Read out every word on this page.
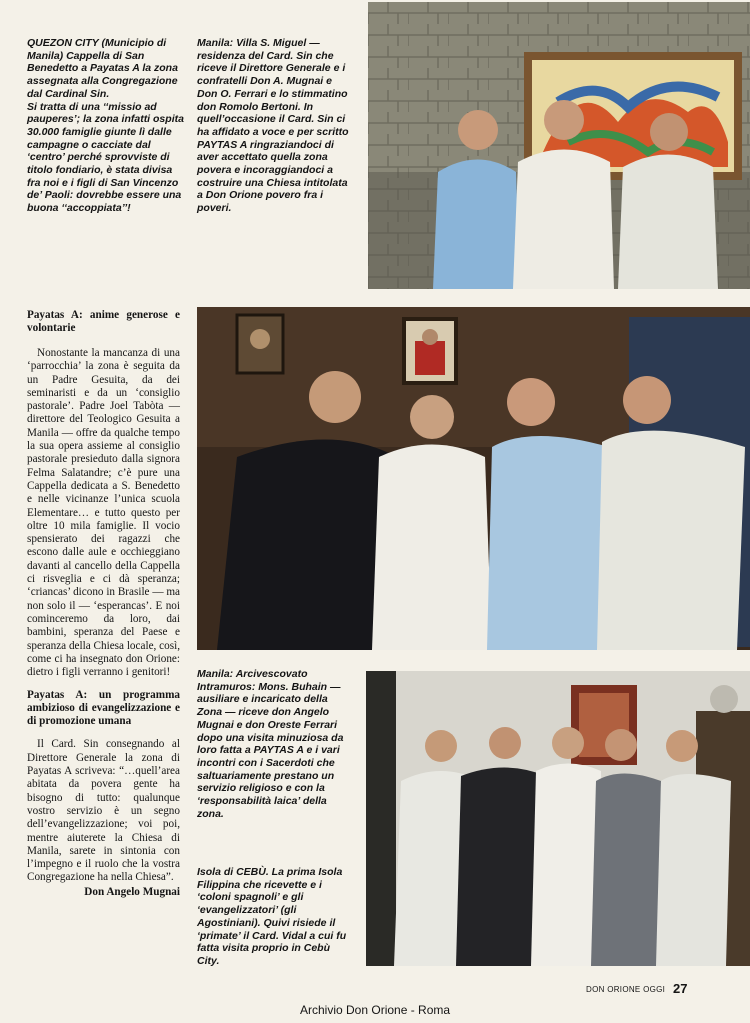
QUEZON CITY (Municipio di Manila) Cappella di San Benedetto a Payatas A la zona assegnata alla Congregazione dal Cardinal Sin.

Si tratta di una ‘‘missio ad pauperes’; la zona infatti ospita 30.000 famiglie giunte lì dalle campagne o cacciate dal ‘centro’ perché sprovviste di titolo fondiario, è stata divisa fra noi e i figli di San Vincenzo de’ Paoli: dovrebbe essere una buona ‘‘accoppiata’’!

Manila: Villa S. Miguel — residenza del Card. Sin che riceve il Direttore Generale e i confratelli Don A. Mugnai e Don O. Ferrari e lo stimmatino don Romolo Bertoni. In quell’occasione il Card. Sin ci ha affidato a voce e per scritto PAYTAS A ringraziandoci di aver accettato quella zona povera e incoraggiandoci a costruire una Chiesa intitolata a Don Orione povero fra i poveri.

Payatas A: anime generose e volontarie

Nonostante la mancanza di una ‘parrocchia’ la zona è seguita da un Padre Gesuita, da dei seminaristi e da un ‘consiglio pastorale’. Padre Joel Tabòta — direttore del Teologico Gesuita a Manila — offre da qualche tempo la sua opera assieme al consiglio pastorale presieduto dalla signora Felma Salatandre; c’è pure una Cappella dedicata a S. Benedetto e nelle vicinanze l’unica scuola Elementare… e tutto questo per oltre 10 mila famiglie. Il vocio spensierato dei ragazzi che escono dalle aule e occhieggiano davanti al cancello della Cappella ci risveglia e ci dà speranza; ‘criancas’ dicono in Brasile — ma non solo il — ‘esperancas’. E noi cominceremo da loro, dai bambini, speranza del Paese e speranza della Chiesa locale, così, come ci ha insegnato don Orione: dietro i figli verranno i genitori!

Payatas A: un programma ambizioso di evangelizzazione e di promozione umana

Il Card. Sin consegnando al Direttore Generale la zona di Payatas A scriveva: “…quell’area abitata da povera gente ha bisogno di tutto: qualunque vostro servizio è un segno dell’evangelizzazione; voi poi, mentre aiuterete la Chiesa di Manila, sarete in sintonia con l’impegno e il ruolo che la vostra Congregazione ha nella Chiesa”.

Don Angelo Mugnai

Manila: Arcivescovato Intramuros: Mons. Buhain — ausiliare e incaricato della Zona — riceve don Angelo Mugnai e don Oreste Ferrari dopo una visita minuziosa da loro fatta a PAYTAS A e i vari incontri con i Sacerdoti che saltuariamente prestano un servizio religioso e con la ‘responsabilità laica’ della zona.

Isola di CEBÙ. La prima Isola Filippina che ricevette e i ‘coloni spagnoli’ e gli ‘evangelizzatori’ (gli Agostiniani). Quivi risiede il ‘primate’ il Card. Vidal a cui fu fatta visita proprio in Cebù City.

DON ORIONE OGGI 27
Archivio Don Orione - Roma
